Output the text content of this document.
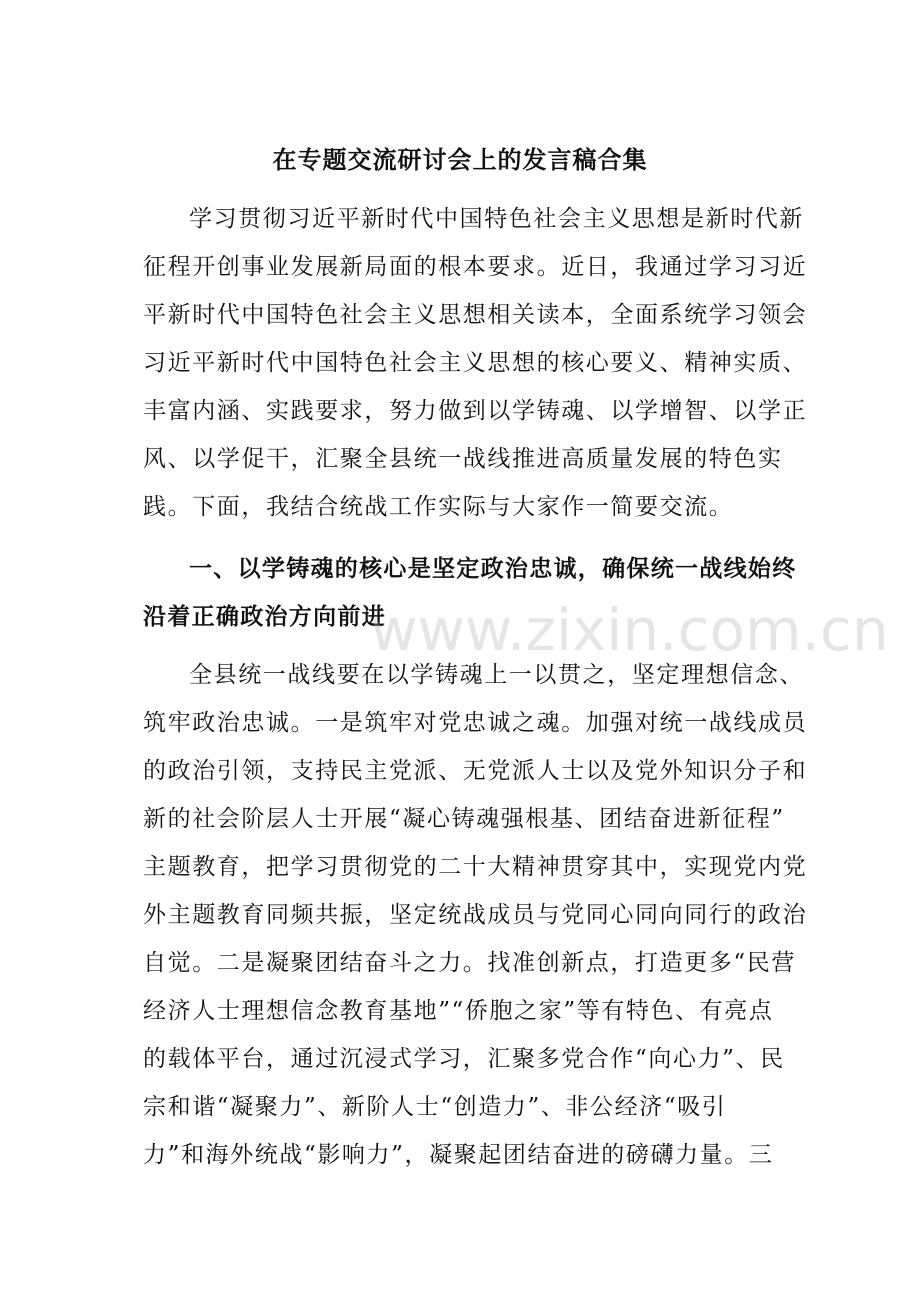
在专题交流研讨会上的发言稿合集
学习贯彻习近平新时代中国特色社会主义思想是新时代新
征程开创事业发展新局面的根本要求。近日，我通过学习习近
平新时代中国特色社会主义思想相关读本，全面系统学习领会
习近平新时代中国特色社会主义思想的核心要义、精神实质、
丰富内涵、实践要求，努力做到以学铸魂、以学增智、以学正
风、以学促干，汇聚全县统一战线推进高质量发展的特色实
践。下面，我结合统战工作实际与大家作一简要交流。
一、以学铸魂的核心是坚定政治忠诚，确保统一战线始终
沿着正确政治方向前进
全县统一战线要在以学铸魂上一以贯之，坚定理想信念、
筑牢政治忠诚。一是筑牢对党忠诚之魂。加强对统一战线成员
的政治引领，支持民主党派、无党派人士以及党外知识分子和
新的社会阶层人士开展“凝心铸魂强根基、团结奋进新征程”
主题教育，把学习贯彻党的二十大精神贯穿其中，实现党内党
外主题教育同频共振，坚定统战成员与党同心同向同行的政治
自觉。二是凝聚团结奋斗之力。找准创新点，打造更多“民营
经济人士理想信念教育基地”“侨胞之家”等有特色、有亮点
的载体平台，通过沉浸式学习，汇聚多党合作“向心力”、民
宗和谐“凝聚力”、新阶人士“创造力”、非公经济“吸引
力”和海外统战“影响力”，凝聚起团结奋进的磅礴力量。三
www.zixin.com.cn
